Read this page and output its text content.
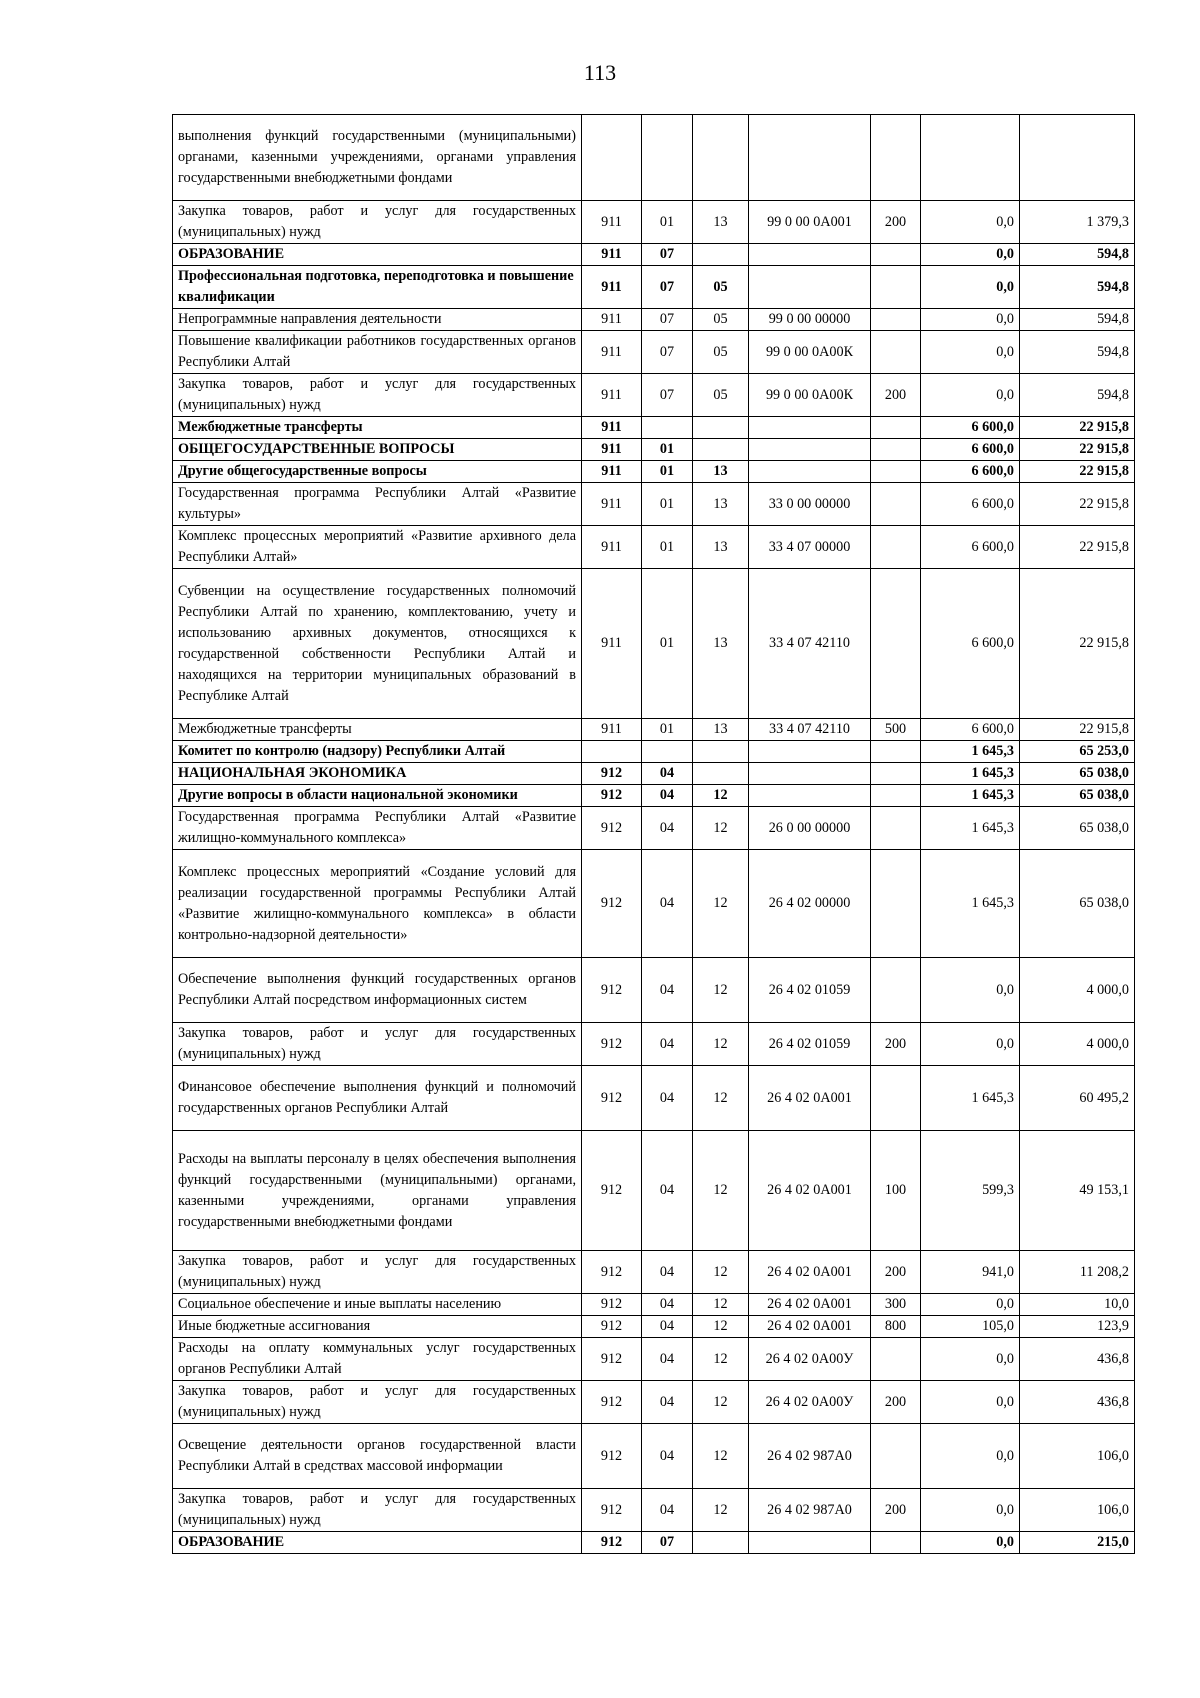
113
выполнения функций государственными (муниципальными) органами, казенными учреждениями, органами управления государственными внебюджетными фондами							
Закупка товаров, работ и услуг для государственных (муниципальных) нужд	911	01	13	99 0 00 0А001	200	0,0	1 379,3
ОБРАЗОВАНИЕ	911	07				0,0	594,8
Профессиональная подготовка, переподготовка и повышение квалификации	911	07	05			0,0	594,8
Непрограммные направления деятельности	911	07	05	99 0 00 00000		0,0	594,8
Повышение квалификации работников государственных органов Республики Алтай	911	07	05	99 0 00 0А00К		0,0	594,8
Закупка товаров, работ и услуг для государственных (муниципальных) нужд	911	07	05	99 0 00 0А00К	200	0,0	594,8
Межбюджетные трансферты	911					6 600,0	22 915,8
ОБЩЕГОСУДАРСТВЕННЫЕ ВОПРОСЫ	911	01				6 600,0	22 915,8
Другие общегосударственные вопросы	911	01	13			6 600,0	22 915,8
Государственная программа Республики Алтай «Развитие культуры»	911	01	13	33 0 00 00000		6 600,0	22 915,8
Комплекс процессных мероприятий «Развитие архивного дела Республики Алтай»	911	01	13	33 4 07 00000		6 600,0	22 915,8
Субвенции на осуществление государственных полномочий Республики Алтай по хранению, комплектованию, учету и использованию архивных документов, относящихся к государственной собственности Республики Алтай и находящихся на территории муниципальных образований в Республике Алтай	911	01	13	33 4 07 42110		6 600,0	22 915,8
Межбюджетные трансферты	911	01	13	33 4 07 42110	500	6 600,0	22 915,8
Комитет по контролю (надзору) Республики Алтай						1 645,3	65 253,0
НАЦИОНАЛЬНАЯ ЭКОНОМИКА	912	04				1 645,3	65 038,0
Другие вопросы в области национальной экономики	912	04	12			1 645,3	65 038,0
Государственная программа Республики Алтай «Развитие жилищно-коммунального комплекса»	912	04	12	26 0 00 00000		1 645,3	65 038,0
Комплекс процессных мероприятий «Создание условий для реализации государственной программы Республики Алтай «Развитие жилищно-коммунального комплекса» в области контрольно-надзорной деятельности»	912	04	12	26 4 02 00000		1 645,3	65 038,0
Обеспечение выполнения функций государственных органов Республики Алтай посредством информационных систем	912	04	12	26 4 02 01059		0,0	4 000,0
Закупка товаров, работ и услуг для государственных (муниципальных) нужд	912	04	12	26 4 02 01059	200	0,0	4 000,0
Финансовое обеспечение выполнения функций и полномочий государственных органов Республики Алтай	912	04	12	26 4 02 0А001		1 645,3	60 495,2
Расходы на выплаты персоналу в целях обеспечения выполнения функций государственными (муниципальными) органами, казенными учреждениями, органами управления государственными внебюджетными фондами	912	04	12	26 4 02 0А001	100	599,3	49 153,1
Закупка товаров, работ и услуг для государственных (муниципальных) нужд	912	04	12	26 4 02 0А001	200	941,0	11 208,2
Социальное обеспечение и иные выплаты населению	912	04	12	26 4 02 0А001	300	0,0	10,0
Иные бюджетные ассигнования	912	04	12	26 4 02 0А001	800	105,0	123,9
Расходы на оплату коммунальных услуг государственных органов Республики Алтай	912	04	12	26 4 02 0А00У		0,0	436,8
Закупка товаров, работ и услуг для государственных (муниципальных) нужд	912	04	12	26 4 02 0А00У	200	0,0	436,8
Освещение деятельности органов государственной власти Республики Алтай в средствах массовой информации	912	04	12	26 4 02 987А0		0,0	106,0
Закупка товаров, работ и услуг для государственных (муниципальных) нужд	912	04	12	26 4 02 987А0	200	0,0	106,0
ОБРАЗОВАНИЕ	912	07				0,0	215,0
